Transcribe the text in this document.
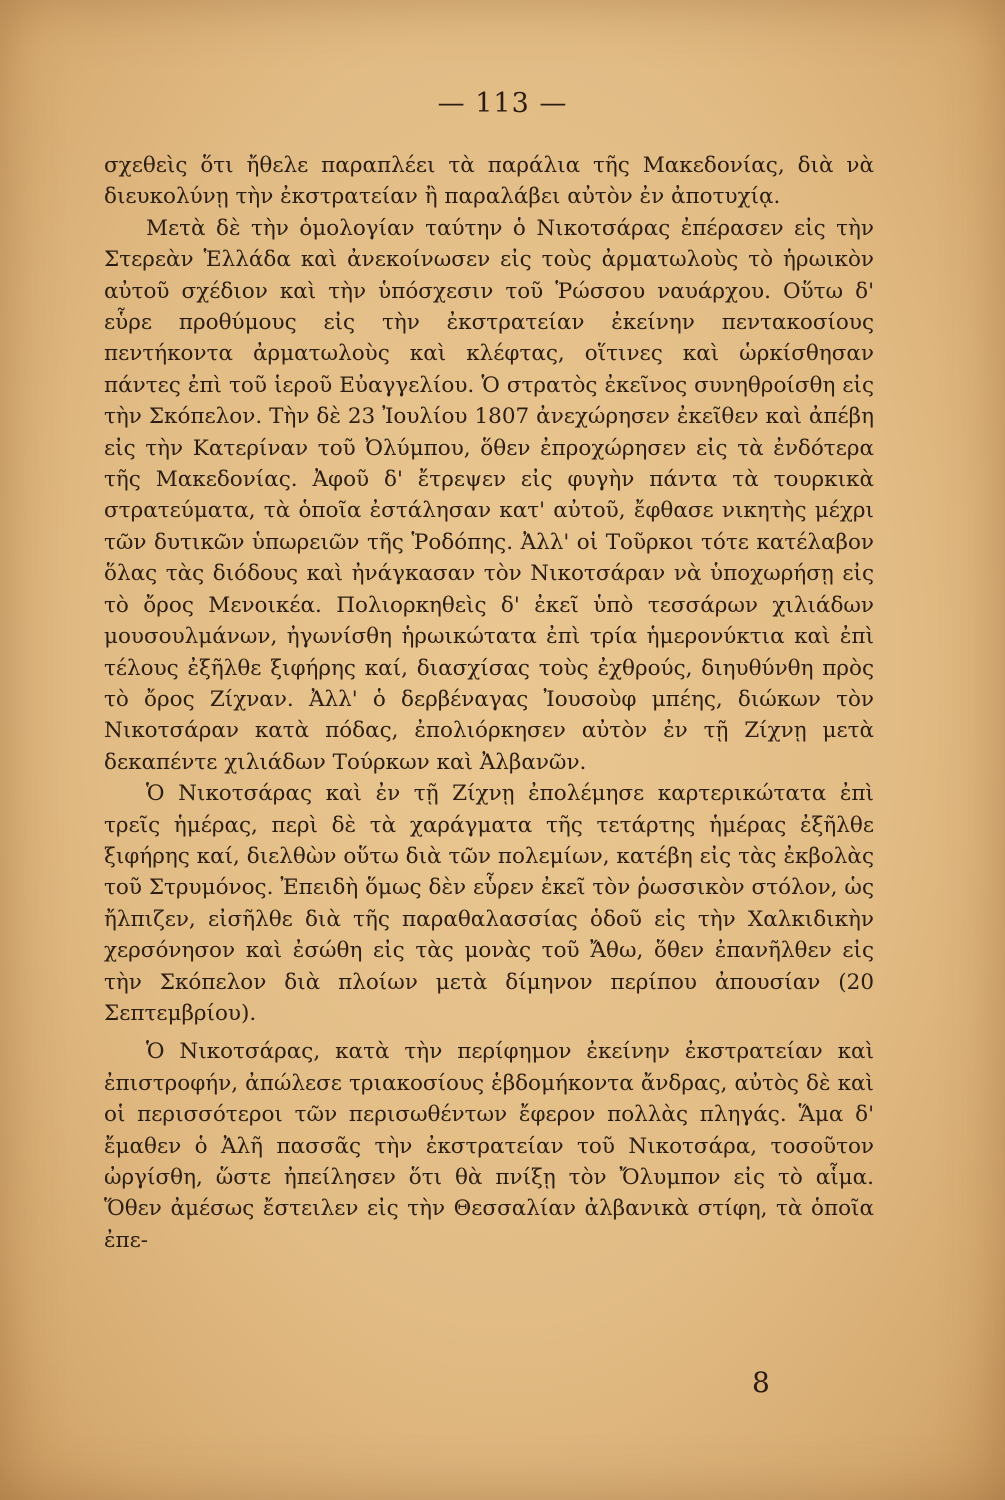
— 113 —

σχεθεὶς ὅτι ἤθελε παραπλέει τὰ παράλια τῆς Μακεδονίας, διὰ νὰ διευκολύνῃ τὴν ἐκστρατείαν ἢ παραλάβει αὐτὸν ἐν ἀποτυχίᾳ.

Μετὰ δὲ τὴν ὁμολογίαν ταύτην ὁ Νικοτσάρας ἐπέρασεν εἰς τὴν Στερεὰν Ἑλλάδα καὶ ἀνεκοίνωσεν εἰς τοὺς ἀρματωλοὺς τὸ ἡρωικὸν αὐτοῦ σχέδιον καὶ τὴν ὑπόσχεσιν τοῦ Ῥώσσου ναυάρχου. Οὕτω δ' εὗρε προθύμους εἰς τὴν ἐκστρατείαν ἐκείνην πεντακοσίους πεντήκοντα ἀρματωλοὺς καὶ κλέφτας, οἵτινες καὶ ὡρκίσθησαν πάντες ἐπὶ τοῦ ἱεροῦ Εὐαγγελίου. Ὁ στρατὸς ἐκεῖνος συνηθροίσθη εἰς τὴν Σκόπελον. Τὴν δὲ 23 Ἰουλίου 1807 ἀνεχώρησεν ἐκεῖθεν καὶ ἀπέβη εἰς τὴν Κατερίναν τοῦ Ὀλύμπου, ὅθεν ἐπροχώρησεν εἰς τὰ ἐνδότερα τῆς Μακεδονίας. Ἀφοῦ δ' ἔτρεψεν εἰς φυγὴν πάντα τὰ τουρκικὰ στρατεύματα, τὰ ὁποῖα ἐστάλησαν κατ' αὐτοῦ, ἔφθασε νικητὴς μέχρι τῶν δυτικῶν ὑπωρειῶν τῆς Ῥοδόπης. Ἀλλ' οἱ Τοῦρκοι τότε κατέλαβον ὅλας τὰς διόδους καὶ ἠνάγκασαν τὸν Νικοτσάραν νὰ ὑποχωρήσῃ εἰς τὸ ὄρος Μενοικέα. Πολιορκηθεὶς δ' ἐκεῖ ὑπὸ τεσσάρων χιλιάδων μουσουλμάνων, ἠγωνίσθη ἡρωικώτατα ἐπὶ τρία ἡμερονύκτια καὶ ἐπὶ τέλους ἐξῆλθε ξιφήρης καί, διασχίσας τοὺς ἐχθρούς, διηυθύνθη πρὸς τὸ ὄρος Ζίχναν. Ἀλλ' ὁ δερβέναγας Ἰουσοὺφ μπέης, διώκων τὸν Νικοτσάραν κατὰ πόδας, ἐπολιόρκησεν αὐτὸν ἐν τῇ Ζίχνῃ μετὰ δεκαπέντε χιλιάδων Τούρκων καὶ Ἀλβανῶν.

Ὁ Νικοτσάρας καὶ ἐν τῇ Ζίχνῃ ἐπολέμησε καρτερικώτατα ἐπὶ τρεῖς ἡμέρας, περὶ δὲ τὰ χαράγματα τῆς τετάρτης ἡμέρας ἐξῆλθε ξιφήρης καί, διελθὼν οὕτω διὰ τῶν πολεμίων, κατέβη εἰς τὰς ἐκβολὰς τοῦ Στρυμόνος. Ἐπειδὴ ὅμως δὲν εὗρεν ἐκεῖ τὸν ῥωσσικὸν στόλον, ὡς ἤλπιζεν, εἰσῆλθε διὰ τῆς παραθαλασσίας ὁδοῦ εἰς τὴν Χαλκιδικὴν χερσόνησον καὶ ἐσώθη εἰς τὰς μονὰς τοῦ Ἄθω, ὅθεν ἐπανῆλθεν εἰς τὴν Σκόπελον διὰ πλοίων μετὰ δίμηνον περίπου ἀπουσίαν (20 Σεπτεμβρίου).

Ὁ Νικοτσάρας, κατὰ τὴν περίφημον ἐκείνην ἐκστρατείαν καὶ ἐπιστροφήν, ἀπώλεσε τριακοσίους ἑβδομήκοντα ἄνδρας, αὐτὸς δὲ καὶ οἱ περισσότεροι τῶν περισωθέντων ἔφερον πολλὰς πληγάς. Ἅμα δ' ἔμαθεν ὁ Ἀλῆ πασσᾶς τὴν ἐκστρατείαν τοῦ Νικοτσάρα, τοσοῦτον ὠργίσθη, ὥστε ἠπείλησεν ὅτι θὰ πνίξῃ τὸν Ὄλυμπον εἰς τὸ αἷμα. Ὅθεν ἀμέσως ἔστειλεν εἰς τὴν Θεσσαλίαν ἀλβανικὰ στίφη, τὰ ὁποῖα ἐπε-

8
